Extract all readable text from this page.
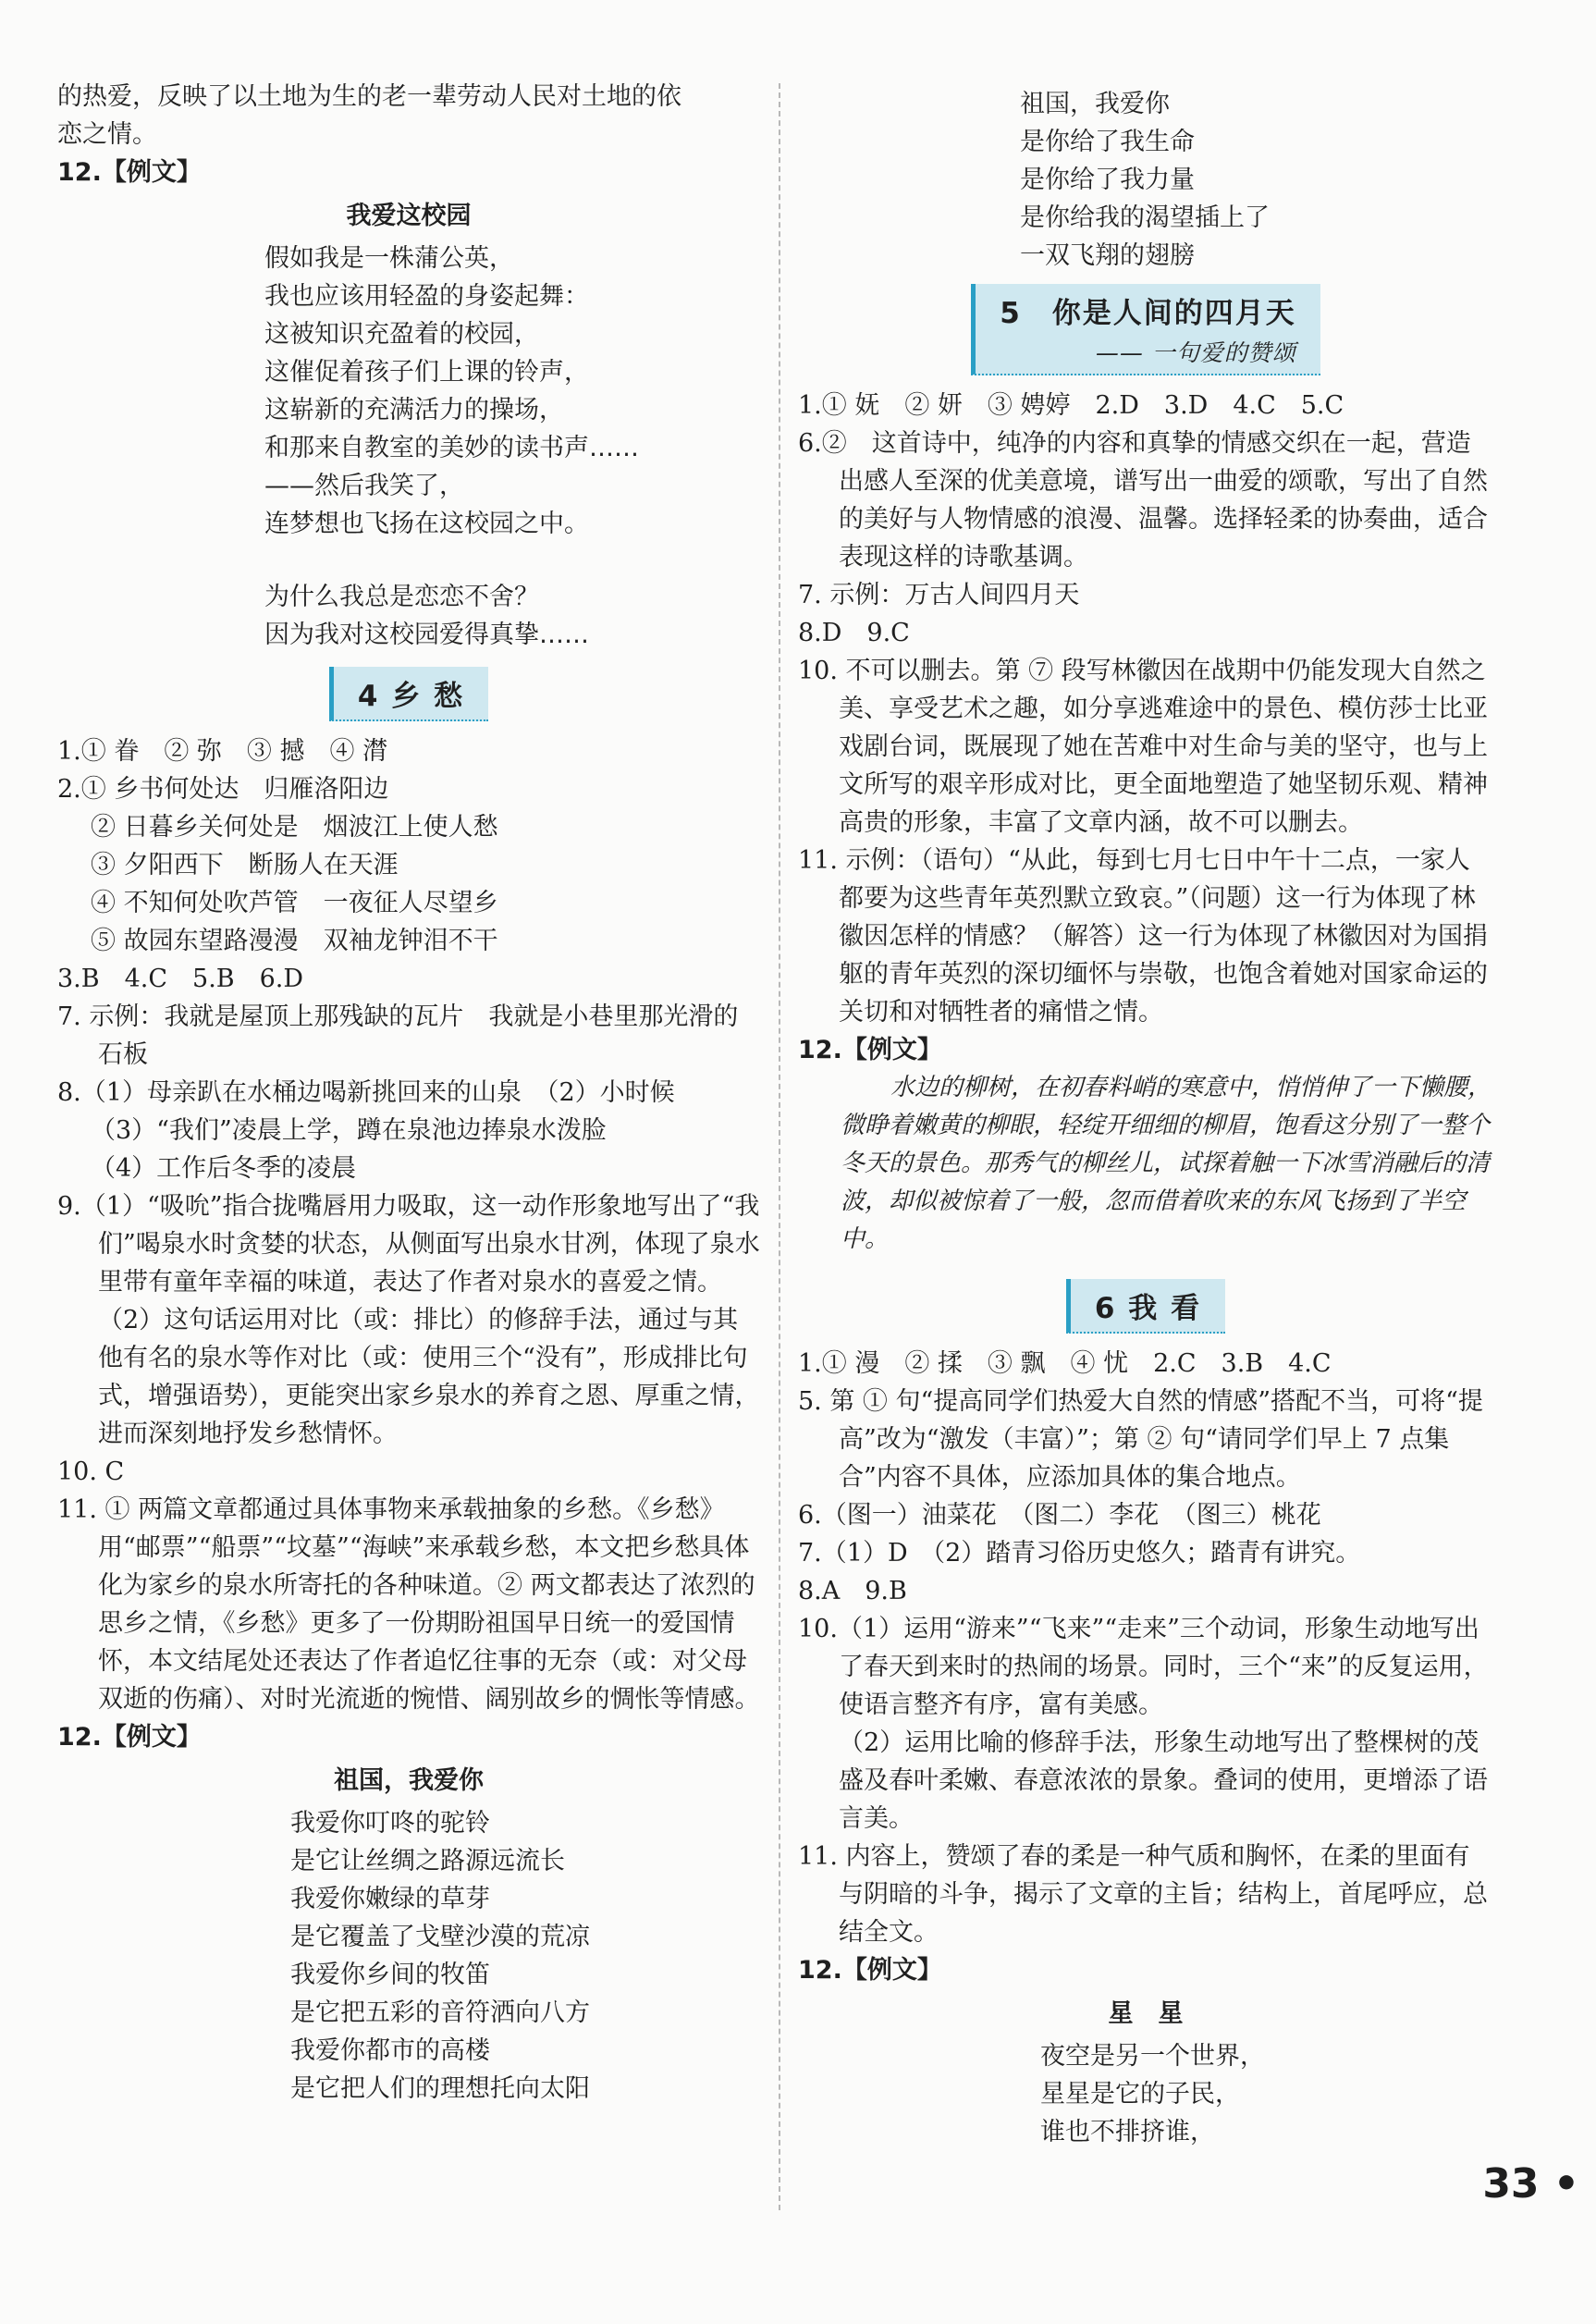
的热爱，反映了以土地为生的老一辈劳动人民对土地的依

恋之情。

12.【例文】

我爱这校园

假如我是一株蒲公英，

我也应该用轻盈的身姿起舞：

这被知识充盈着的校园，

这催促着孩子们上课的铃声，

这崭新的充满活力的操场，

和那来自教室的美妙的读书声……

——然后我笑了，

连梦想也飞扬在这校园之中。

为什么我总是恋恋不舍？

因为我对这校园爱得真挚……

4 乡 愁

1.① 眷　② 弥　③ 撼　④ 潸

2.① 乡书何处达　归雁洛阳边

② 日暮乡关何处是　烟波江上使人愁

③ 夕阳西下　断肠人在天涯

④ 不知何处吹芦管　一夜征人尽望乡

⑤ 故园东望路漫漫　双袖龙钟泪不干

3.B　4.C　5.B　6.D

7. 示例：我就是屋顶上那残缺的瓦片　我就是小巷里那光滑的石板

8.（1）母亲趴在水桶边喝新挑回来的山泉　（2）小时候

（3）“我们”凌晨上学，蹲在泉池边捧泉水泼脸

（4）工作后冬季的凌晨

9.（1）“吸吮”指合拢嘴唇用力吸取，这一动作形象地写出了“我们”喝泉水时贪婪的状态，从侧面写出泉水甘冽，体现了泉水里带有童年幸福的味道，表达了作者对泉水的喜爱之情。

（2）这句话运用对比（或：排比）的修辞手法，通过与其他有名的泉水等作对比（或：使用三个“没有”，形成排比句式，增强语势），更能突出家乡泉水的养育之恩、厚重之情，进而深刻地抒发乡愁情怀。

10. C

11. ① 两篇文章都通过具体事物来承载抽象的乡愁。《乡愁》用“邮票”“船票”“坟墓”“海峡”来承载乡愁，本文把乡愁具体化为家乡的泉水所寄托的各种味道。② 两文都表达了浓烈的思乡之情，《乡愁》更多了一份期盼祖国早日统一的爱国情怀，本文结尾处还表达了作者追忆往事的无奈（或：对父母双逝的伤痛）、对时光流逝的惋惜、阔别故乡的惆怅等情感。

12.【例文】

祖国，我爱你

我爱你叮咚的驼铃

是它让丝绸之路源远流长

我爱你嫩绿的草芽

是它覆盖了戈壁沙漠的荒凉

我爱你乡间的牧笛

是它把五彩的音符洒向八方

我爱你都市的高楼

是它把人们的理想托向太阳

祖国，我爱你

是你给了我生命

是你给了我力量

是你给我的渴望插上了

一双飞翔的翅膀

5　你是人间的四月天
—— 一句爱的赞颂

1.① 妩　② 妍　③ 娉婷　2.D　3.D　4.C　5.C

6.②　这首诗中，纯净的内容和真挚的情感交织在一起，营造出感人至深的优美意境，谱写出一曲爱的颂歌，写出了自然的美好与人物情感的浪漫、温馨。选择轻柔的协奏曲，适合表现这样的诗歌基调。

7. 示例：万古人间四月天

8.D　9.C

10. 不可以删去。第 ⑦ 段写林徽因在战期中仍能发现大自然之美、享受艺术之趣，如分享逃难途中的景色、模仿莎士比亚戏剧台词，既展现了她在苦难中对生命与美的坚守，也与上文所写的艰辛形成对比，更全面地塑造了她坚韧乐观、精神高贵的形象，丰富了文章内涵，故不可以删去。

11. 示例：（语句）“从此，每到七月七日中午十二点，一家人都要为这些青年英烈默立致哀。”（问题）这一行为体现了林徽因怎样的情感？（解答）这一行为体现了林徽因对为国捐躯的青年英烈的深切缅怀与崇敬，也饱含着她对国家命运的关切和对牺牲者的痛惜之情。

12.【例文】

水边的柳树，在初春料峭的寒意中，悄悄伸了一下懒腰，微睁着嫩黄的柳眼，轻绽开细细的柳眉，饱看这分别了一整个冬天的景色。那秀气的柳丝儿，试探着触一下冰雪消融后的清波，却似被惊着了一般，忽而借着吹来的东风飞扬到了半空中。

6 我 看

1.① 漫　② 揉　③ 飘　④ 忧　2.C　3.B　4.C

5. 第 ① 句“提高同学们热爱大自然的情感”搭配不当，可将“提高”改为“激发（丰富）”；第 ② 句“请同学们早上 7 点集合”内容不具体，应添加具体的集合地点。

6.（图一）油菜花　（图二）李花　（图三）桃花

7.（1）D　（2）踏青习俗历史悠久；踏青有讲究。

8.A　9.B

10.（1）运用“游来”“飞来”“走来”三个动词，形象生动地写出了春天到来时的热闹的场景。同时，三个“来”的反复运用，使语言整齐有序，富有美感。

（2）运用比喻的修辞手法，形象生动地写出了整棵树的茂盛及春叶柔嫩、春意浓浓的景象。叠词的使用，更增添了语言美。

11. 内容上，赞颂了春的柔是一种气质和胸怀，在柔的里面有与阴暗的斗争，揭示了文章的主旨；结构上，首尾呼应，总结全文。

12.【例文】

星　星

夜空是另一个世界，

星星是它的子民，

谁也不排挤谁，

33 •
